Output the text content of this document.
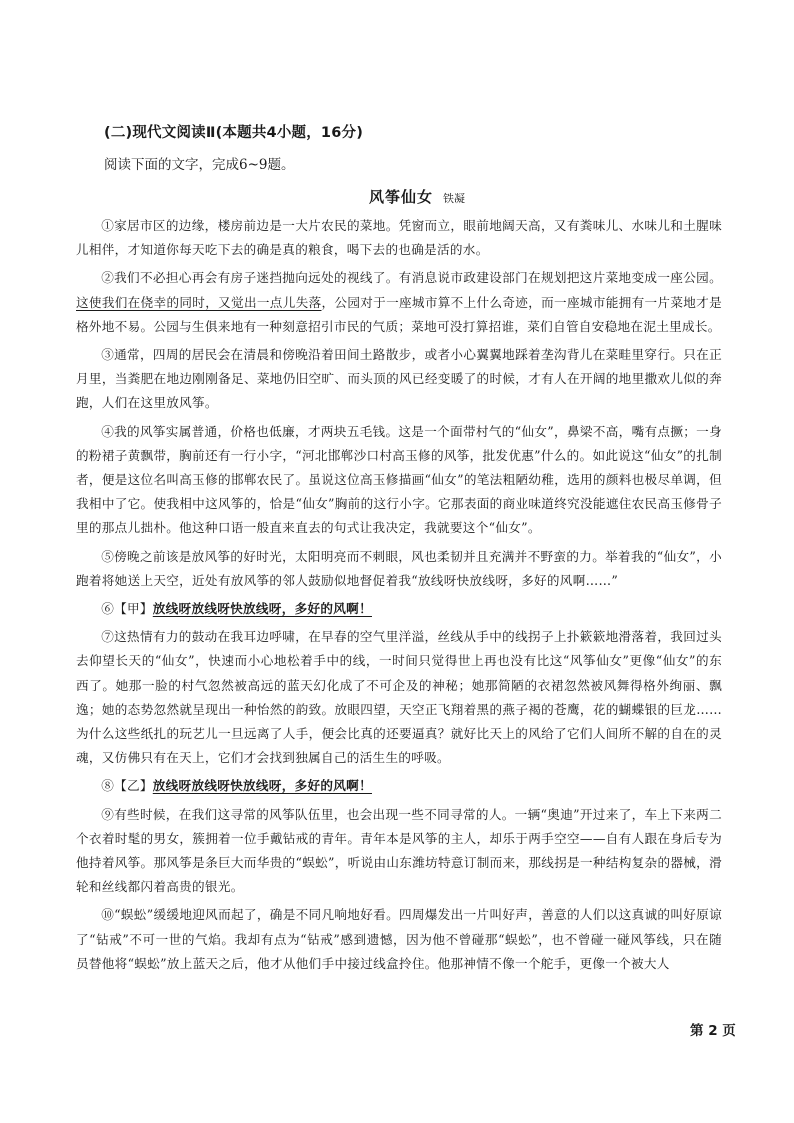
(二)现代文阅读Ⅱ(本题共4小题，16分)
阅读下面的文字，完成6~9题。
风筝仙女 铁凝

①家居市区的边缘，楼房前边是一大片农民的菜地。凭窗而立，眼前地阔天高，又有粪味儿、水味儿和土腥味儿相伴，才知道你每天吃下去的确是真的粮食，喝下去的也确是活的水。

②我们不必担心再会有房子迷挡抛向远处的视线了。有消息说市政建设部门在规划把这片菜地变成一座公园。这使我们在侥幸的同时，又觉出一点儿失落，公园对于一座城市算不上什么奇迹，而一座城市能拥有一片菜地才是格外地不易。公园与生俱来地有一种刻意招引市民的气质；菜地可没打算招谁，菜们自管自安稳地在泥土里成长。

③通常，四周的居民会在清晨和傍晚沿着田间土路散步，或者小心翼翼地踩着垄沟背儿在菜畦里穿行。只在正月里，当粪肥在地边刚刚备足、菜地仍旧空旷、而头顶的风已经变暖了的时候，才有人在开阔的地里撒欢儿似的奔跑，人们在这里放风筝。

④我的风筝实属普通，价格也低廉，才两块五毛钱。这是一个面带村气的“仙女”，鼻梁不高，嘴有点撅；一身的粉裙子黄飘带，胸前还有一行小字，“河北邯郸沙口村高玉修的风筝，批发优惠”什么的。如此说这“仙女”的扎制者，便是这位名叫高玉修的邯郸农民了。虽说这位高玉修描画“仙女”的笔法粗陋幼稚，选用的颜料也极尽单调，但我相中了它。使我相中这风筝的，恰是“仙女”胸前的这行小字。它那表面的商业味道终究没能遮住农民高玉修骨子里的那点儿拙朴。他这种口语一般直来直去的句式让我决定，我就要这个“仙女”。

⑤傍晚之前该是放风筝的好时光，太阳明亮而不刺眼，风也柔韧并且充满并不野蛮的力。举着我的“仙女”，小跑着将她送上天空，近处有放风筝的邻人鼓励似地督促着我“放线呀快放线呀，多好的风啊……”

⑥【甲】放线呀放线呀快放线呀，多好的风啊！

⑦这热情有力的鼓动在我耳边呼啸，在早春的空气里洋溢，丝线从手中的线拐子上扑簌簌地滑落着，我回过头去仰望长天的“仙女”，快速而小心地松着手中的线，一时间只觉得世上再也没有比这“风筝仙女”更像“仙女”的东西了。她那一脸的村气忽然被高远的蓝天幻化成了不可企及的神秘；她那简陋的衣裙忽然被风舞得格外绚丽、飘逸；她的态势忽然就呈现出一种怡然的韵致。放眼四望，天空正飞翔着黑的燕子褐的苍鹰，花的蝴蝶银的巨龙……为什么这些纸扎的玩艺儿一旦远离了人手，便会比真的还要逼真？就好比天上的风给了它们人间所不解的自在的灵魂，又仿佛只有在天上，它们才会找到独属自己的活生生的呼吸。

⑧【乙】放线呀放线呀快放线呀，多好的风啊！

⑨有些时候，在我们这寻常的风筝队伍里，也会出现一些不同寻常的人。一辆“奥迪”开过来了，车上下来两二个衣着时髦的男女，簇拥着一位手戴钻戒的青年。青年本是风筝的主人，却乐于两手空空——自有人跟在身后专为他持着风筝。那风筝是条巨大而华贵的“蜈蚣”，听说由山东潍坊特意订制而来，那线拐是一种结构复杂的器械，滑轮和丝线都闪着高贵的银光。

⑩“蜈蚣”缓缓地迎风而起了，确是不同凡响地好看。四周爆发出一片叫好声，善意的人们以这真诚的叫好原谅了“钻戒”不可一世的气焰。我却有点为“钻戒”感到遗憾，因为他不曾碰那“蜈蚣”，也不曾碰一碰风筝线，只在随员替他将“蜈蚣”放上蓝天之后，他才从他们手中接过线盒拎住。他那神情不像一个舵手，更像一个被大人

第 2 页
